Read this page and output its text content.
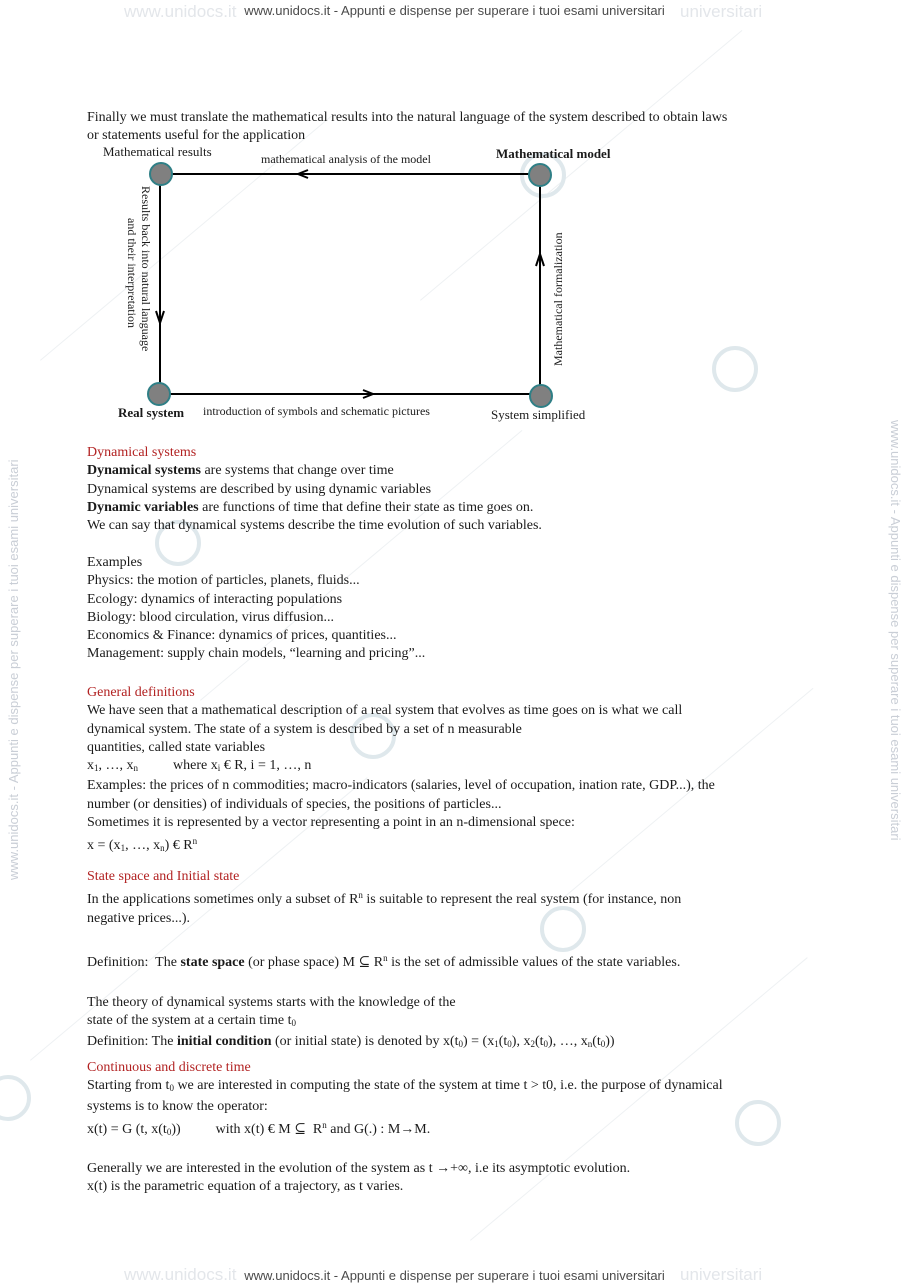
www.unidocs.it	universitari
www.unidocs.it	universitari
www.unidocs.it - Appunti e dispense per superare i tuoi esami universitari
www.unidocs.it - Appunti e dispense per superare i tuoi esami universitari
www.unidocs.it - Appunti e dispense per superare i tuoi esami universitari	www.unidocs.it - Appunti e dispense per superare i tuoi esami universitari
Finally we must translate the mathematical results into the natural language of the system described to obtain laws
or statements useful for the application
Mathematical results	Mathematical model
Real system	System simplified
mathematical analysis of the model
introduction of symbols and schematic pictures
Mathematical formalization
Results back into natural language
and their interpretation
Dynamical systems
Dynamical systems are systems that change over time
Dynamical systems are described by using dynamic variables
Dynamic variables are functions of time that define their state as time goes on.
We can say that dynamical systems describe the time evolution of such variables.
Examples
Physics: the motion of particles, planets, fluids...
Ecology: dynamics of interacting populations
Biology: blood circulation, virus diffusion...
Economics & Finance: dynamics of prices, quantities...
Management: supply chain models, “learning and pricing”...
General definitions
We have seen that a mathematical description of a real system that evolves as time goes on is what we call
dynamical system. The state of a system is described by a set of n measurable
quantities, called state variables
$x_1$, …, $x_n$          where $x_i$ € R, i = 1, …, n
Examples: the prices of n commodities; macro-indicators (salaries, level of occupation, ination rate, GDP...), the
number (or densities) of individuals of species, the positions of particles...
Sometimes it is represented by a vector representing a point in an n-dimensional spece:
$x = (x_1$, …, $x_n$) € $R^n$
State space and Initial state
In the applications sometimes only a subset of $R^n$ is suitable to represent the real system (for instance, non
negative prices...).
Definition:  The state space (or phase space) M ⊆ $R^n$ is the set of admissible values of the state variables.
The theory of dynamical systems starts with the knowledge of the
state of the system at a certain time $t_0$
Definition: The initial condition (or initial state) is denoted by $x(t_0) = (x_1(t_0)$, $x_2(t_0)$, …, $x_n(t_0)$)
Continuous and discrete time
Starting from $t_0$ we are interested in computing the state of the system at time t > t0, i.e. the purpose of dynamical
systems is to know the operator:
x(t) = G (t, $x(t_0)$)          with x(t) € M ⊆  $R^n$ and G(.) : M→M.
Generally we are interested in the evolution of the system as t →+∞, i.e its asymptotic evolution.
x(t) is the parametric equation of a trajectory, as t varies.
